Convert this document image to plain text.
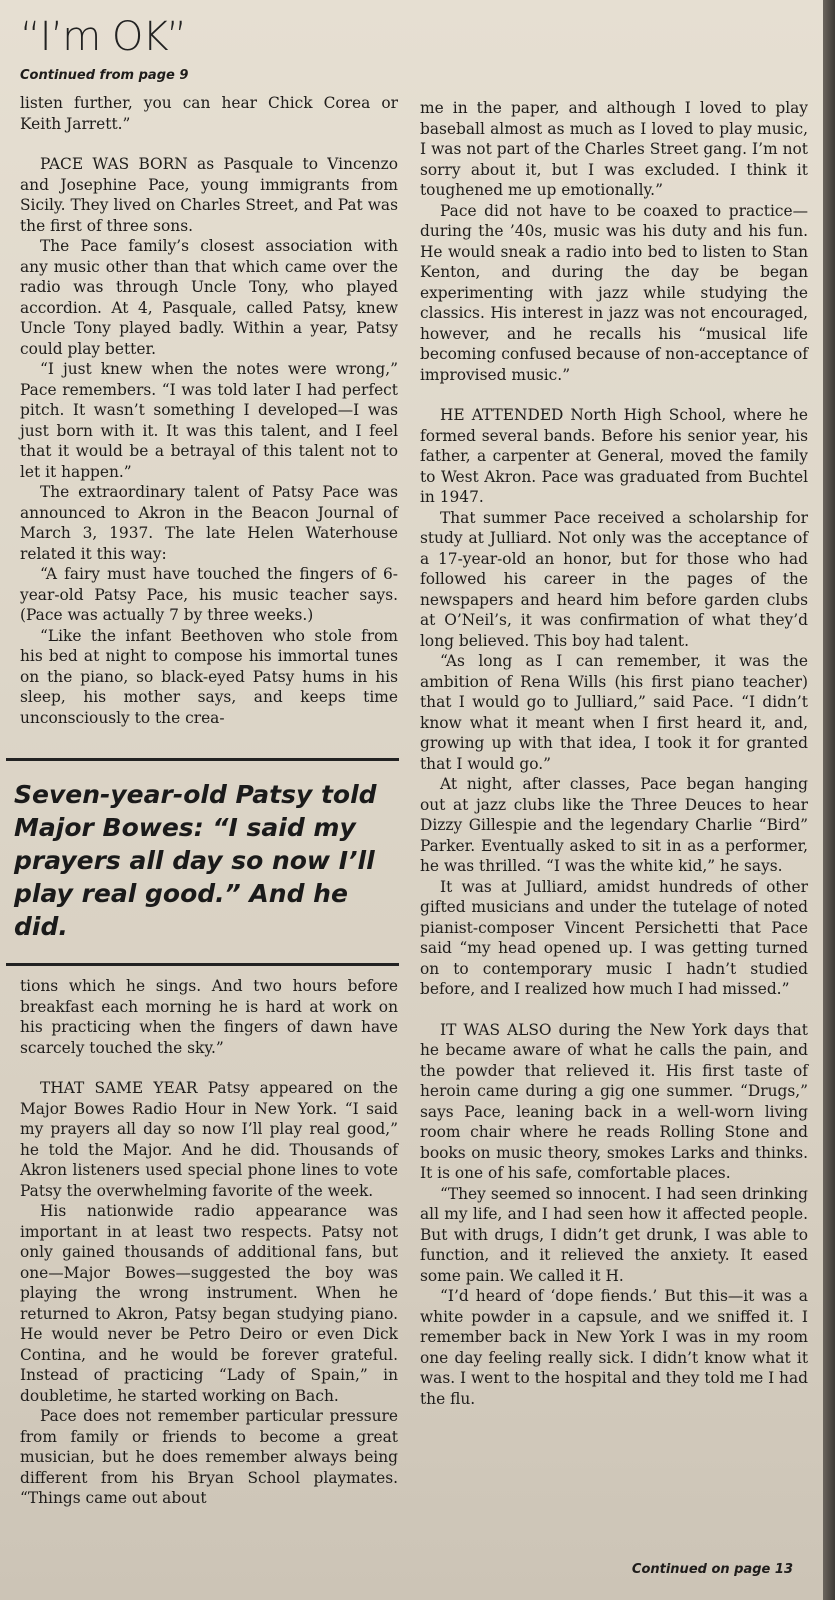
“I’m OK”
Continued from page 9

listen further, you can hear Chick Corea or Keith Jarrett.”

PACE WAS BORN as Pasquale to Vincenzo and Josephine Pace, young immigrants from Sicily. They lived on Charles Street, and Pat was the first of three sons.

The Pace family’s closest association with any music other than that which came over the radio was through Uncle Tony, who played accordion. At 4, Pasquale, called Patsy, knew Uncle Tony played badly. Within a year, Patsy could play better.

“I just knew when the notes were wrong,” Pace remembers. “I was told later I had perfect pitch. It wasn’t something I developed—I was just born with it. It was this talent, and I feel that it would be a betrayal of this talent not to let it happen.”

The extraordinary talent of Patsy Pace was announced to Akron in the Beacon Journal of March 3, 1937. The late Helen Waterhouse related it this way:

“A fairy must have touched the fingers of 6-year-old Patsy Pace, his music teacher says. (Pace was actually 7 by three weeks.)

“Like the infant Beethoven who stole from his bed at night to compose his immortal tunes on the piano, so black-eyed Patsy hums in his sleep, his mother says, and keeps time unconsciously to the crea-

Seven-year-old Patsy told Major Bowes: “I said my prayers all day so now I’ll play real good.” And he did.

tions which he sings. And two hours before breakfast each morning he is hard at work on his practicing when the fingers of dawn have scarcely touched the sky.”

THAT SAME YEAR Patsy appeared on the Major Bowes Radio Hour in New York. “I said my prayers all day so now I’ll play real good,” he told the Major. And he did. Thousands of Akron listeners used special phone lines to vote Patsy the overwhelming favorite of the week.

His nationwide radio appearance was important in at least two respects. Patsy not only gained thousands of additional fans, but one—Major Bowes—suggested the boy was playing the wrong instrument. When he returned to Akron, Patsy began studying piano. He would never be Petro Deiro or even Dick Contina, and he would be forever grateful. Instead of practicing “Lady of Spain,” in doubletime, he started working on Bach.

Pace does not remember particular pressure from family or friends to become a great musician, but he does remember always being different from his Bryan School playmates. “Things came out about

me in the paper, and although I loved to play baseball almost as much as I loved to play music, I was not part of the Charles Street gang. I’m not sorry about it, but I was excluded. I think it toughened me up emotionally.”

Pace did not have to be coaxed to practice—during the ’40s, music was his duty and his fun. He would sneak a radio into bed to listen to Stan Kenton, and during the day be began experimenting with jazz while studying the classics. His interest in jazz was not encouraged, however, and he recalls his “musical life becoming confused because of non-acceptance of improvised music.”

HE ATTENDED North High School, where he formed several bands. Before his senior year, his father, a carpenter at General, moved the family to West Akron. Pace was graduated from Buchtel in 1947.

That summer Pace received a scholarship for study at Julliard. Not only was the acceptance of a 17-year-old an honor, but for those who had followed his career in the pages of the newspapers and heard him before garden clubs at O’Neil’s, it was confirmation of what they’d long believed. This boy had talent.

“As long as I can remember, it was the ambition of Rena Wills (his first piano teacher) that I would go to Julliard,” said Pace. “I didn’t know what it meant when I first heard it, and, growing up with that idea, I took it for granted that I would go.”

At night, after classes, Pace began hanging out at jazz clubs like the Three Deuces to hear Dizzy Gillespie and the legendary Charlie “Bird” Parker. Eventually asked to sit in as a performer, he was thrilled. “I was the white kid,” he says.

It was at Julliard, amidst hundreds of other gifted musicians and under the tutelage of noted pianist-composer Vincent Persichetti that Pace said “my head opened up. I was getting turned on to contemporary music I hadn’t studied before, and I realized how much I had missed.”

IT WAS ALSO during the New York days that he became aware of what he calls the pain, and the powder that relieved it. His first taste of heroin came during a gig one summer. “Drugs,” says Pace, leaning back in a well-worn living room chair where he reads Rolling Stone and books on music theory, smokes Larks and thinks. It is one of his safe, comfortable places.

“They seemed so innocent. I had seen drinking all my life, and I had seen how it affected people. But with drugs, I didn’t get drunk, I was able to function, and it relieved the anxiety. It eased some pain. We called it H.

“I’d heard of ‘dope fiends.’ But this—it was a white powder in a capsule, and we sniffed it. I remember back in New York I was in my room one day feeling really sick. I didn’t know what it was. I went to the hospital and they told me I had the flu.

Continued on page 13
